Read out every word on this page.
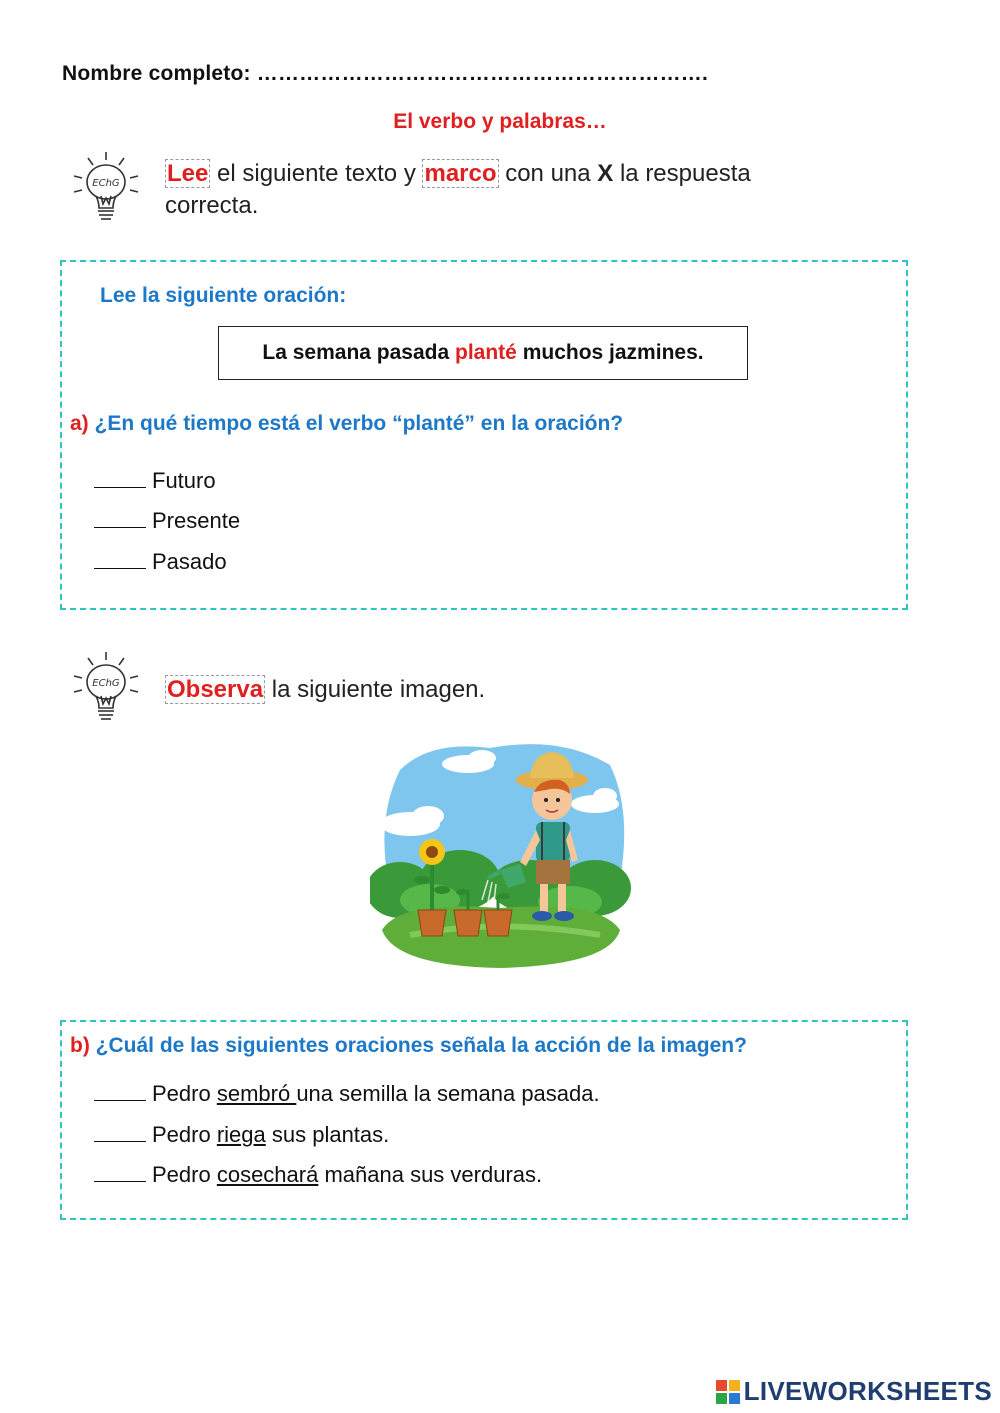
Nombre completo: ……………………………………………………….
El verbo y palabras…
EChG Lee el siguiente texto y marco con una X la respuesta correcta.
Lee la siguiente oración:
La semana pasada planté muchos jazmines.
a) ¿En qué tiempo está el verbo “planté” en la oración?
Futuro
Presente
Pasado
EChG Observa la siguiente imagen.
b) ¿Cuál de las siguientes oraciones señala la acción de la imagen?
Pedro sembró una semilla la semana pasada.
Pedro riega sus plantas.
Pedro cosechará mañana sus verduras.
LIVEWORKSHEETS
